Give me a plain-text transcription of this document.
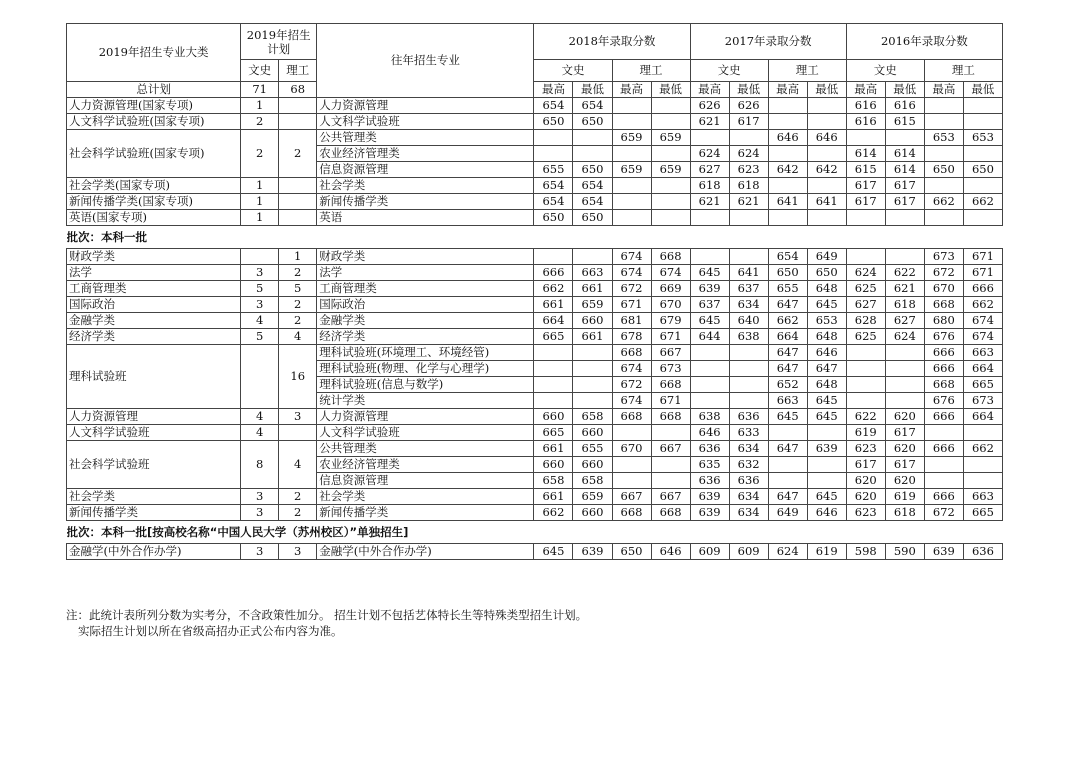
2019年招生专业大类	2019年招生 计划		往年招生专业	2018年录取分数				2017年录取分数				2016年录取分数			
	文史	理工		文史		理工		文史		理工		文史		理工	
总计划	71	68		最高	最低	最高	最低	最高	最低	最高	最低	最高	最低	最高	最低
人力资源管理(国家专项)	1		人力资源管理	654	654			626	626			616	616		
人文科学试验班(国家专项)	2		人文科学试验班	650	650			621	617			616	615		
社会科学试验班(国家专项)	2	2	公共管理类			659	659			646	646			653	653
			农业经济管理类					624	624			614	614		
			信息资源管理	655	650	659	659	627	623	642	642	615	614	650	650
社会学类(国家专项)	1		社会学类	654	654			618	618			617	617		
新闻传播学类(国家专项)	1		新闻传播学类	654	654			621	621	641	641	617	617	662	662
英语(国家专项)	1		英语	650	650										
批次：本科一批															
财政学类		1	财政学类			674	668			654	649			673	671
法学	3	2	法学	666	663	674	674	645	641	650	650	624	622	672	671
工商管理类	5	5	工商管理类	662	661	672	669	639	637	655	648	625	621	670	666
国际政治	3	2	国际政治	661	659	671	670	637	634	647	645	627	618	668	662
金融学类	4	2	金融学类	664	660	681	679	645	640	662	653	628	627	680	674
经济学类	5	4	经济学类	665	661	678	671	644	638	664	648	625	624	676	674
理科试验班		16	理科试验班(环境理工、环境经管)			668	667			647	646			666	663
			理科试验班(物理、化学与心理学)			674	673			647	647			666	664
			理科试验班(信息与数学)			672	668			652	648			668	665
			统计学类			674	671			663	645			676	673
人力资源管理	4	3	人力资源管理	660	658	668	668	638	636	645	645	622	620	666	664
人文科学试验班	4		人文科学试验班	665	660			646	633			619	617		
社会科学试验班	8	4	公共管理类	661	655	670	667	636	634	647	639	623	620	666	662
			农业经济管理类	660	660			635	632			617	617		
			信息资源管理	658	658			636	636			620	620		
社会学类	3	2	社会学类	661	659	667	667	639	634	647	645	620	619	666	663
新闻传播学类	3	2	新闻传播学类	662	660	668	668	639	634	649	646	623	618	672	665
批次：本科一批[按高校名称“中国人民大学（苏州校区）”单独招生]															
金融学(中外合作办学)	3	3	金融学(中外合作办学)	645	639	650	646	609	609	624	619	598	590	639	636
注：此统计表所列分数为实考分，不含政策性加分。 招生计划不包括艺体特长生等特殊类型招生计划。
实际招生计划以所在省级高招办正式公布内容为准。
